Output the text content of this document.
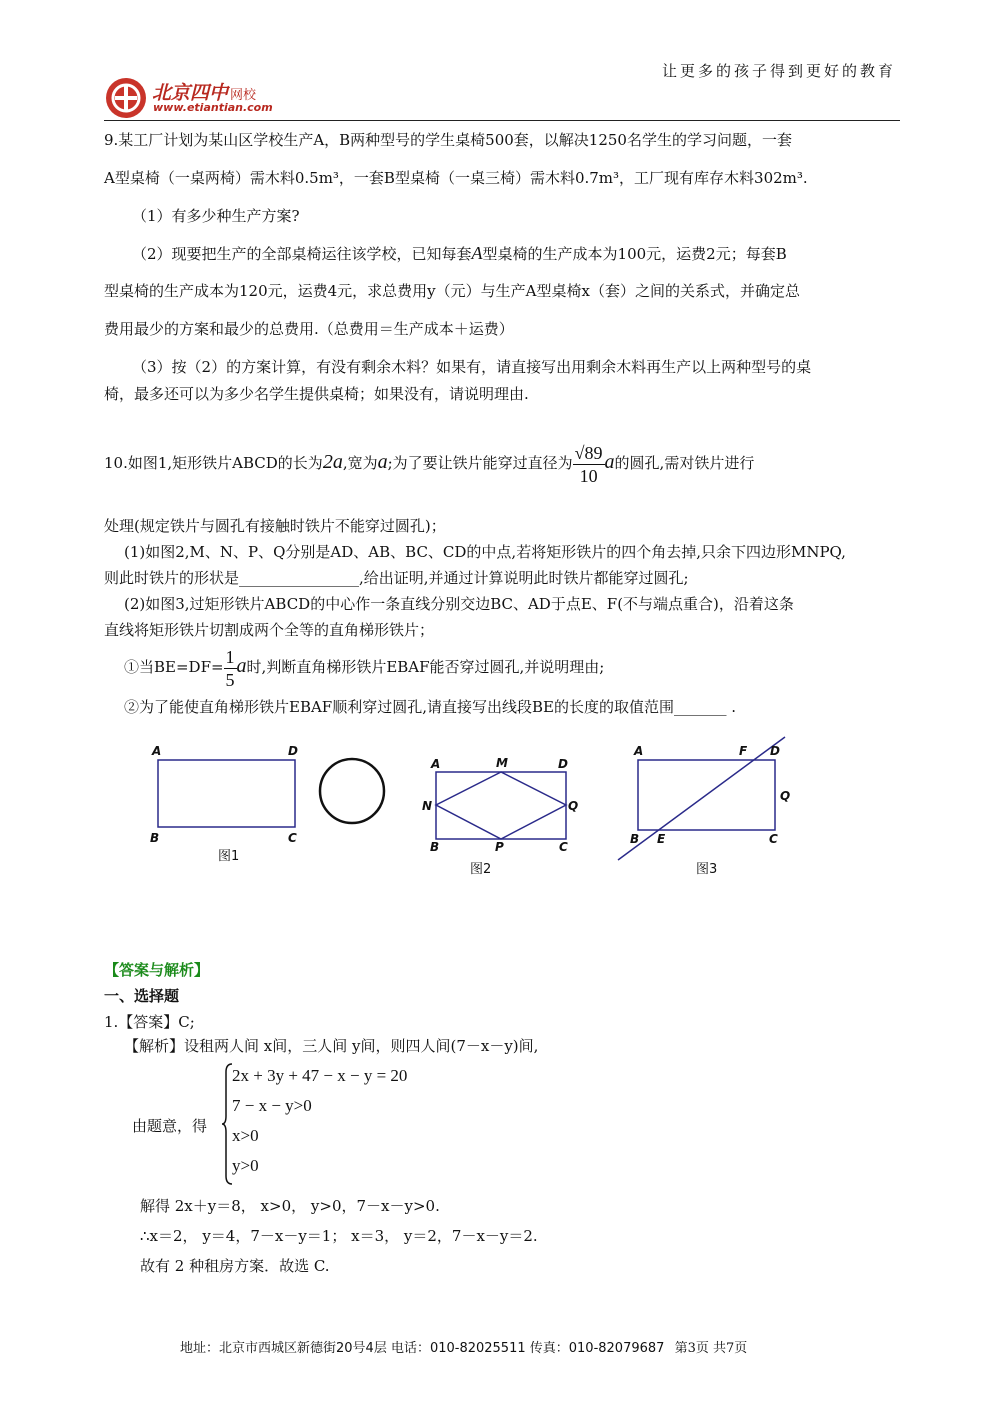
北京四中 网校
www.etiantian.com
让更多的孩子得到更好的教育
9.某工厂计划为某山区学校生产A，B两种型号的学生桌椅500套，以解决1250名学生的学习问题，一套
A型桌椅（一桌两椅）需木料0.5m³，一套B型桌椅（一桌三椅）需木料0.7m³，工厂现有库存木料302m³.
（1）有多少种生产方案?
（2）现要把生产的全部桌椅运往该学校，已知每套A型桌椅的生产成本为100元，运费2元；每套B
型桌椅的生产成本为120元，运费4元，求总费用y（元）与生产A型桌椅x（套）之间的关系式，并确定总
费用最少的方案和最少的总费用.（总费用＝生产成本＋运费）
（3）按（2）的方案计算，有没有剩余木料？如果有，请直接写出用剩余木料再生产以上两种型号的桌
椅，最多还可以为多少名学生提供桌椅；如果没有，请说明理由.
10.如图1,矩形铁片ABCD的长为2a,宽为a;为了要让铁片能穿过直径为 $\frac{√89}{10}$ a的圆孔,需对铁片进行
处理(规定铁片与圆孔有接触时铁片不能穿过圆孔)；
(1)如图2,M、N、P、Q分别是AD、AB、BC、CD的中点,若将矩形铁片的四个角去掉,只余下四边形MNPQ,
则此时铁片的形状是________________,给出证明,并通过计算说明此时铁片都能穿过圆孔;
(2)如图3,过矩形铁片ABCD的中心作一条直线分别交边BC、AD于点E、F(不与端点重合)，沿着这条
直线将矩形铁片切割成两个全等的直角梯形铁片；
①当$BE=DF= \frac{1}{5}$ a时,判断直角梯形铁片EBAF能否穿过圆孔,并说明理由;
②为了能使直角梯形铁片EBAF顺利穿过圆孔,请直接写出线段BE的长度的取值范围_______ .
A	D
B	C
图1
A	M	D
N	Q
B	P	C
图2
A	F D
Q
B E	C
图3
【答案与解析】
一、选择题
1.【答案】C;
【解析】设租两人间 x间，三人间 y间，则四人间(7－x－y)间,
由题意，得
2x + 3y + 47 − x − y = 20
7 − x − y>0
x>0
y>0
解得 2x＋y＝8， x>0， y>0，7－x－y>0.
∴x＝2， y＝4，7－x－y＝1； x＝3， y＝2，7－x－y＝2.
故有 2 种租房方案．故选 C.
地址：北京市西城区新德街20号4层 电话：010-82025511 传真：010-82079687 第3页 共7页
